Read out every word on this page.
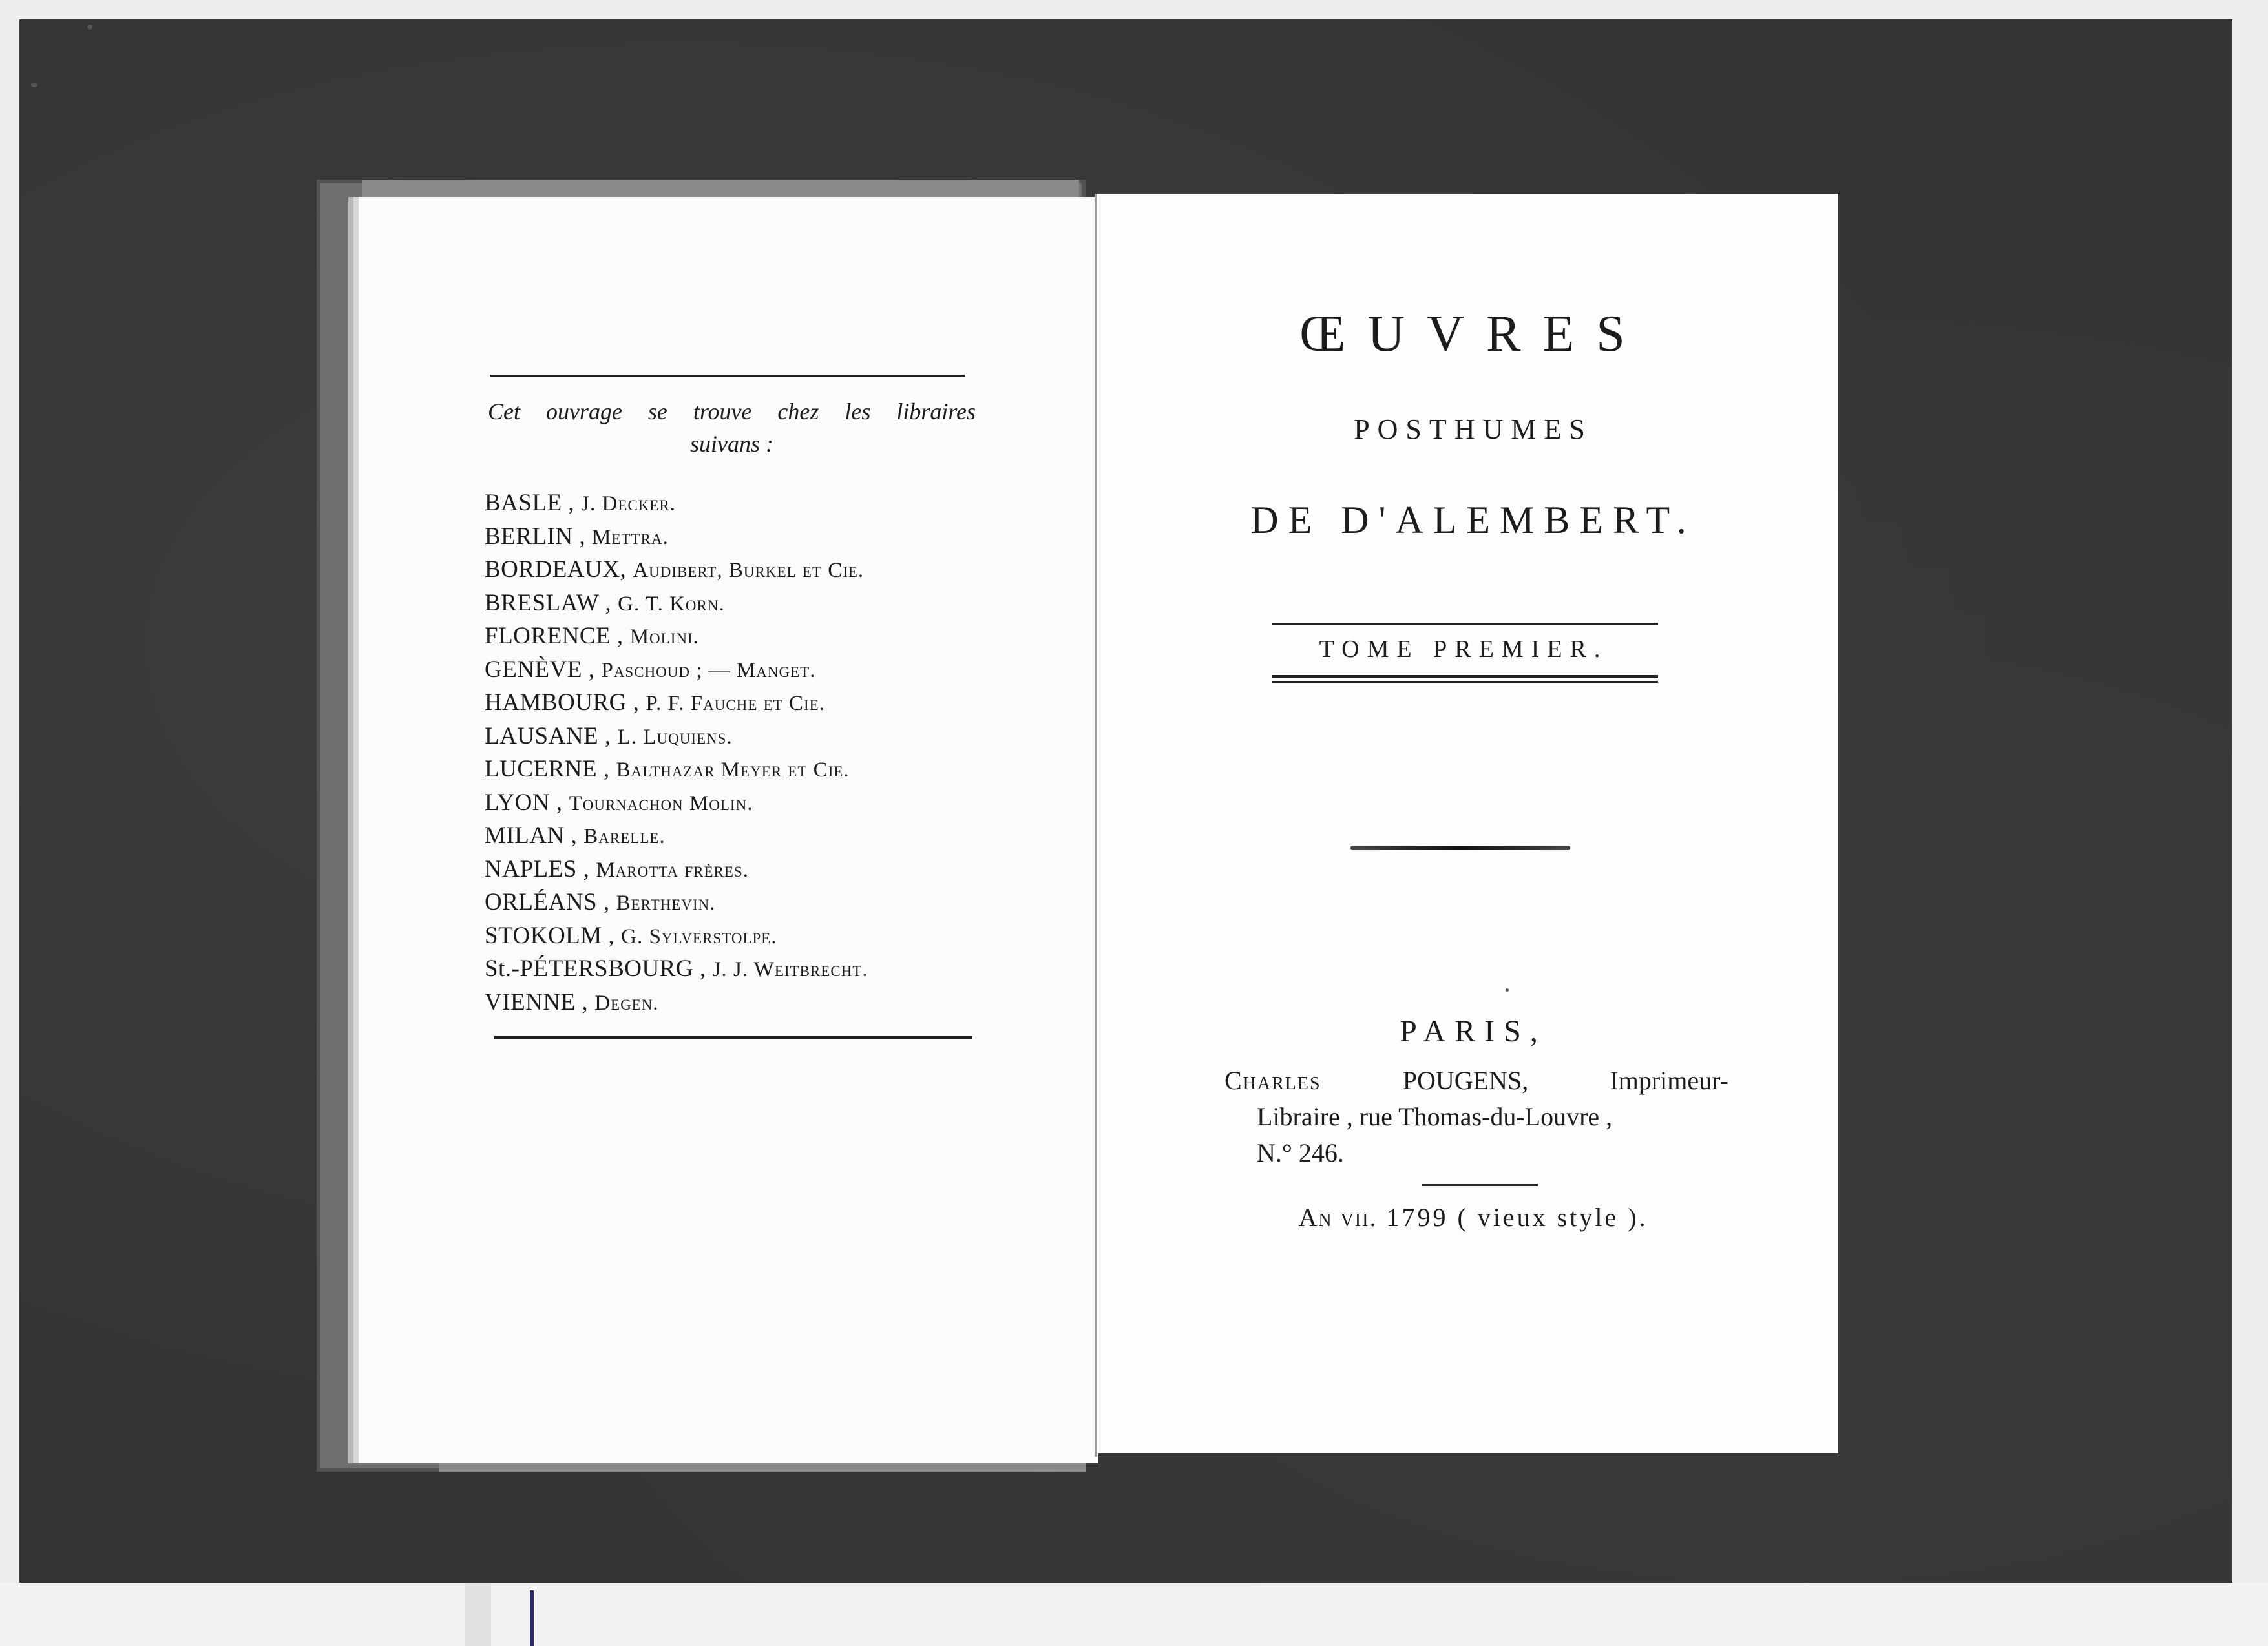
Cet ouvrage se trouve chez les libraires
suivans :
BASLE , J. Decker.
BERLIN , Mettra.
BORDEAUX, Audibert, Burkel et Cie.
BRESLAW , G. T. Korn.
FLORENCE , Molini.
GENÈVE , Paschoud ; — Manget.
HAMBOURG , P. F. Fauche et Cie.
LAUSANE , L. Luquiens.
LUCERNE , Balthazar Meyer et Cie.
LYON , Tournachon Molin.
MILAN , Barelle.
NAPLES , Marotta frères.
ORLÉANS , Berthevin.
STOKOLM , G. Sylverstolpe.
St.-PÉTERSBOURG , J. J. Weitbrecht.
VIENNE , Degen.
ŒUVRES
POSTHUMES
DE D'ALEMBERT.
TOME PREMIER.
PARIS,
Charles	POUGENS, Imprimeur-
Libraire , rue Thomas-du-Louvre ,
N.° 246.
An vii. 1799 ( vieux style ).
